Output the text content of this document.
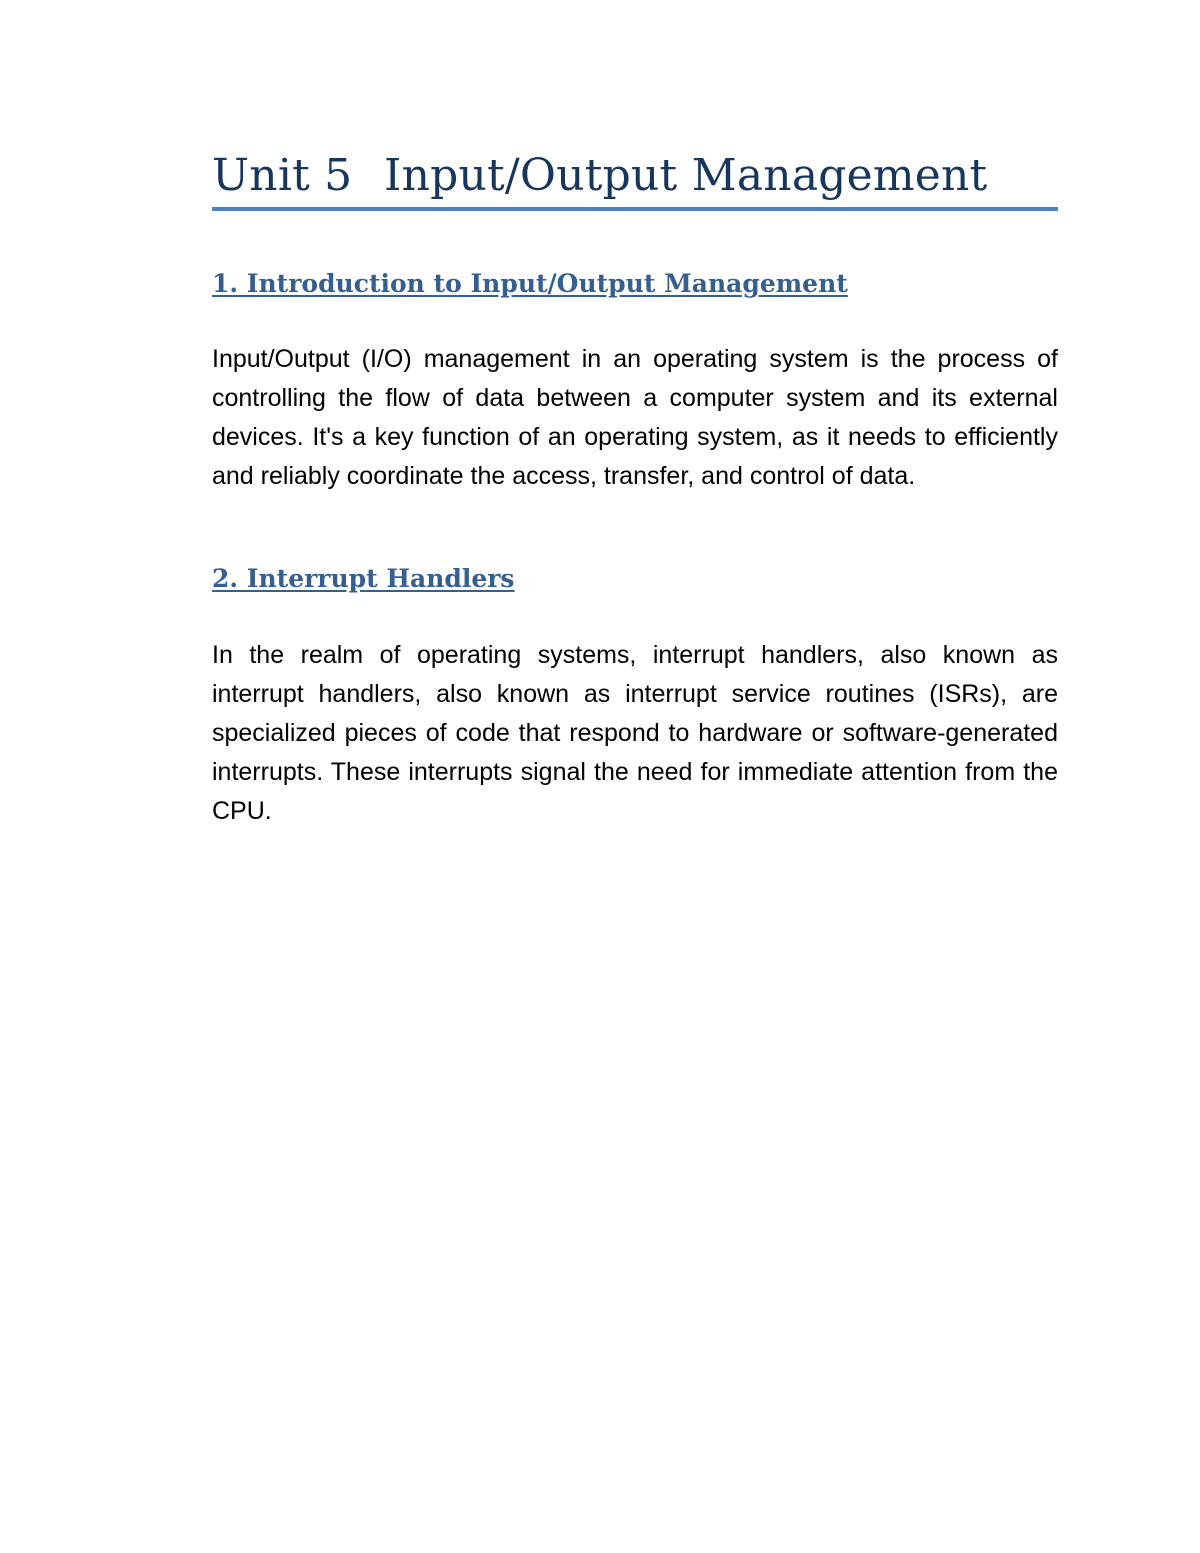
Unit 5 Input/Output Management
1. Introduction to Input/Output Management

Input/Output (I/O) management in an operating system is the process of controlling the flow of data between a computer system and its external devices. It's a key function of an operating system, as it needs to efficiently and reliably coordinate the access, transfer, and control of data.

2. Interrupt Handlers

In the realm of operating systems, interrupt handlers, also known as interrupt handlers, also known as interrupt service routines (ISRs), are specialized pieces of code that respond to hardware or software-generated interrupts. These interrupts signal the need for immediate attention from the CPU.
